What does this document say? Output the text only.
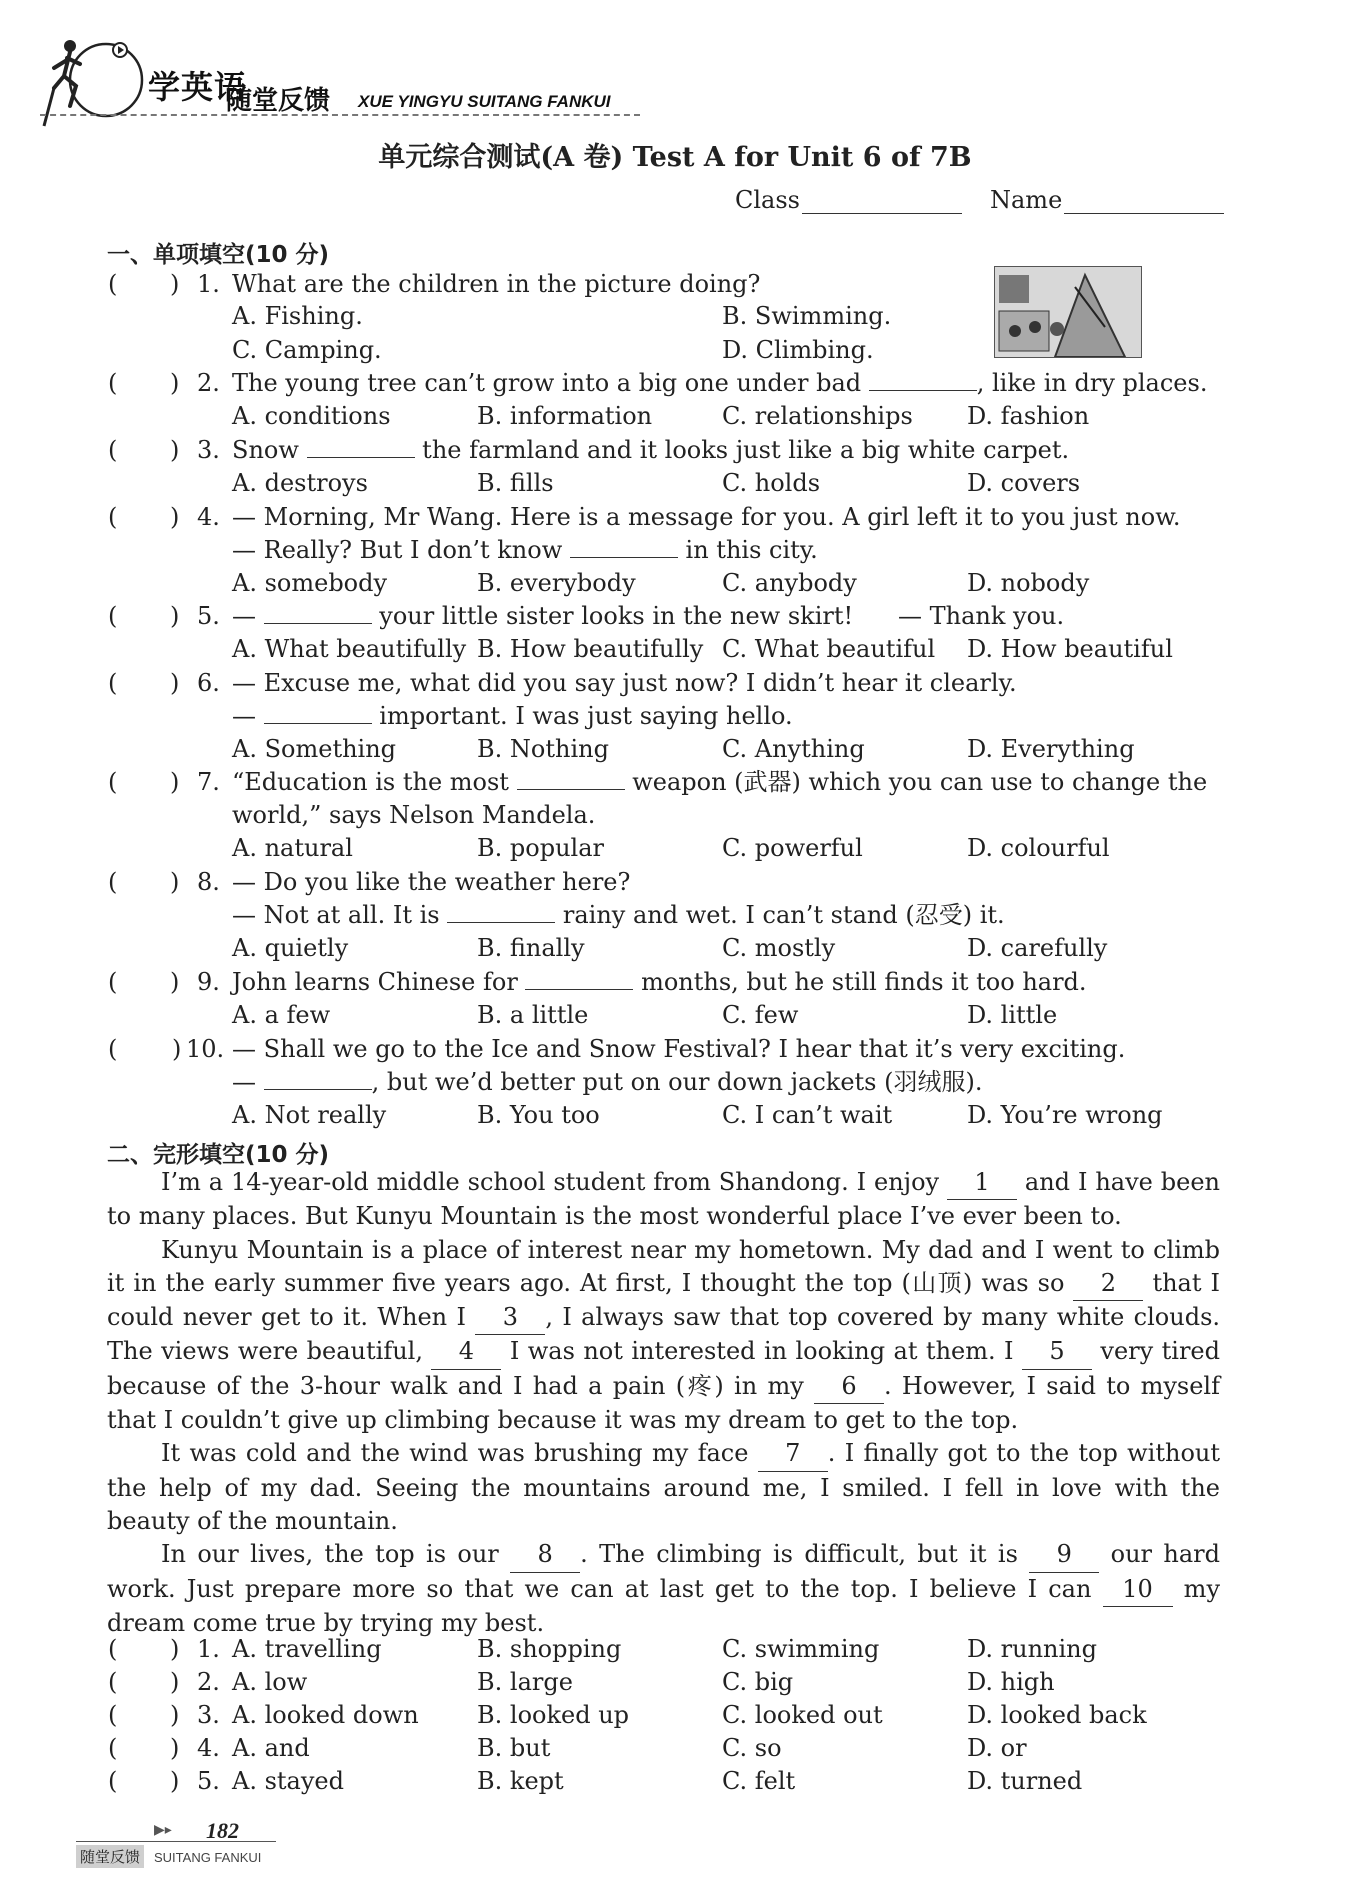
学英语
随堂反馈 XUE YINGYU SUITANG FANKUI
单元综合测试(A 卷) Test A for Unit 6 of 7B
Class	Name
一、单项填空(10 分)
( ) 1. What are the children in the picture doing?
A. Fishing.	B. Swimming.
C. Camping.	D. Climbing.
( ) 2. The young tree can’t grow into a big one under bad	, like in dry places.
A. conditions	B. information	C. relationships D. fashion
( ) 3. Snow	the farmland and it looks just like a big white carpet.
A. destroys	B. fills	C. holds	D. covers
( ) 4. — Morning, Mr Wang. Here is a message for you. A girl left it to you just now.
— Really? But I don’t know	in this city.
A. somebody	B. everybody	C. anybody	D. nobody
( ) 5. —	your little sister looks in the new skirt! — Thank you.
A. What beautifully B. How beautifully C. What beautiful D. How beautiful
( ) 6. — Excuse me, what did you say just now? I didn’t hear it clearly.
—	important. I was just saying hello.
A. Something	B. Nothing	C. Anything	D. Everything
( ) 7. “Education is the most	weapon (武器) which you can use to change the
world,” says Nelson Mandela.
A. natural	B. popular	C. powerful	D. colourful
( ) 8. — Do you like the weather here?
— Not at all. It is	rainy and wet. I can’t stand (忍受) it.
A. quietly	B. finally	C. mostly	D. carefully
( ) 9. John learns Chinese for	months, but he still finds it too hard.
A. a few	B. a little	C. few	D. little
( ) 10. — Shall we go to the Ice and Snow Festival? I hear that it’s very exciting.
—	, but we’d better put on our down jackets (羽绒服).
A. Not really	B. You too	C. I can’t wait	D. You’re wrong
二、完形填空(10 分)
I’m a 14-year-old middle school student from Shandong. I enjoy 1 and I have been to many places. But Kunyu Mountain is the most wonderful place I’ve ever been to.
Kunyu Mountain is a place of interest near my hometown. My dad and I went to climb it in the early summer five years ago. At first, I thought the top (山顶) was so 2 that I could never get to it. When I 3 , I always saw that top covered by many white clouds. The views were beautiful, 4 I was not interested in looking at them. I 5 very tired because of the 3-hour walk and I had a pain (疼) in my 6 . However, I said to myself that I couldn’t give up climbing because it was my dream to get to the top.
It was cold and the wind was brushing my face 7 . I finally got to the top without the help of my dad. Seeing the mountains around me, I smiled. I fell in love with the beauty of the mountain.
In our lives, the top is our 8 . The climbing is difficult, but it is 9 our hard work. Just prepare more so that we can at last get to the top. I believe I can 10 my dream come true by trying my best.
( ) 1. A. travelling	B. shopping	C. swimming	D. running
( ) 2. A. low	B. large	C. big	D. high
( ) 3. A. looked down B. looked up	C. looked out	D. looked back
( ) 4. A. and	B. but	C. so	D. or
( ) 5. A. stayed	B. kept	C. felt	D. turned
▶▸ 182
随堂反馈	SUITANG FANKUI
